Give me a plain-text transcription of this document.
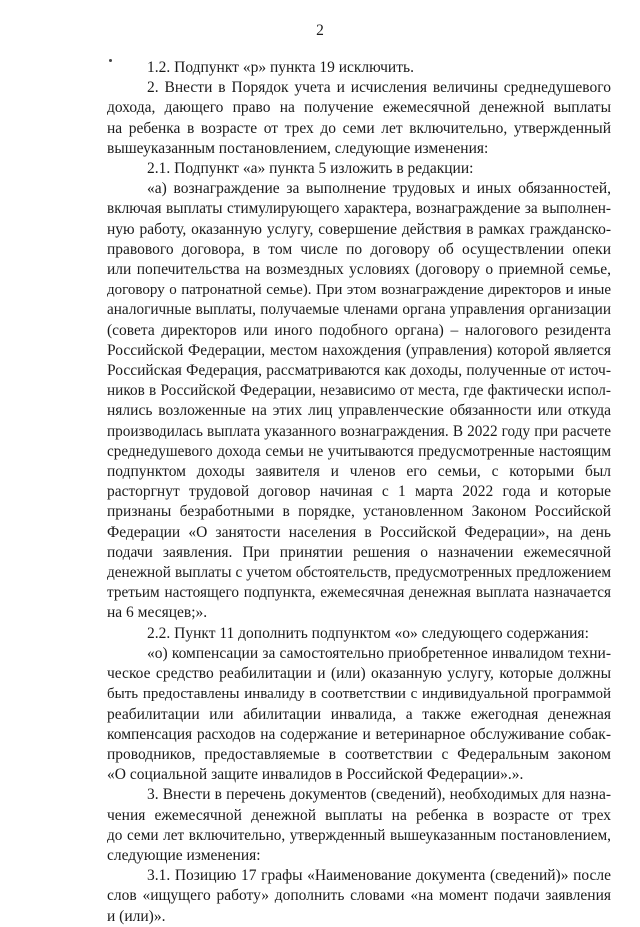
2
1.2. Подпункт «р» пункта 19 исключить.
2. Внести в Порядок учета и исчисления величины среднедушевого
дохода, дающего право на получение ежемесячной денежной выплаты
на ребенка в возрасте от трех до семи лет включительно, утвержденный
вышеуказанным постановлением, следующие изменения:
2.1. Подпункт «а» пункта 5 изложить в редакции:
«а) вознаграждение за выполнение трудовых и иных обязанностей,
включая выплаты стимулирующего характера, вознаграждение за выполнен-
ную работу, оказанную услугу, совершение действия в рамках гражданско-
правового договора, в том числе по договору об осуществлении опеки
или попечительства на возмездных условиях (договору о приемной семье,
договору о патронатной семье). При этом вознаграждение директоров и иные
аналогичные выплаты, получаемые членами органа управления организации
(совета директоров или иного подобного органа) – налогового резидента
Российской Федерации, местом нахождения (управления) которой является
Российская Федерация, рассматриваются как доходы, полученные от источ-
ников в Российской Федерации, независимо от места, где фактически испол-
нялись возложенные на этих лиц управленческие обязанности или откуда
производилась выплата указанного вознаграждения. В 2022 году при расчете
среднедушевого дохода семьи не учитываются предусмотренные настоящим
подпунктом доходы заявителя и членов его семьи, с которыми был
расторгнут трудовой договор начиная с 1 марта 2022 года и которые
признаны безработными в порядке, установленном Законом Российской
Федерации «О занятости населения в Российской Федерации», на день
подачи заявления. При принятии решения о назначении ежемесячной
денежной выплаты с учетом обстоятельств, предусмотренных предложением
третьим настоящего подпункта, ежемесячная денежная выплата назначается
на 6 месяцев;».
2.2. Пункт 11 дополнить подпунктом «о» следующего содержания:
«о) компенсации за самостоятельно приобретенное инвалидом техни-
ческое средство реабилитации и (или) оказанную услугу, которые должны
быть предоставлены инвалиду в соответствии с индивидуальной программой
реабилитации или абилитации инвалида, а также ежегодная денежная
компенсация расходов на содержание и ветеринарное обслуживание собак-
проводников, предоставляемые в соответствии с Федеральным законом
«О социальной защите инвалидов в Российской Федерации».».
3. Внести в перечень документов (сведений), необходимых для назна-
чения ежемесячной денежной выплаты на ребенка в возрасте от трех
до семи лет включительно, утвержденный вышеуказанным постановлением,
следующие изменения:
3.1. Позицию 17 графы «Наименование документа (сведений)» после
слов «ищущего работу» дополнить словами «на момент подачи заявления
и (или)».
